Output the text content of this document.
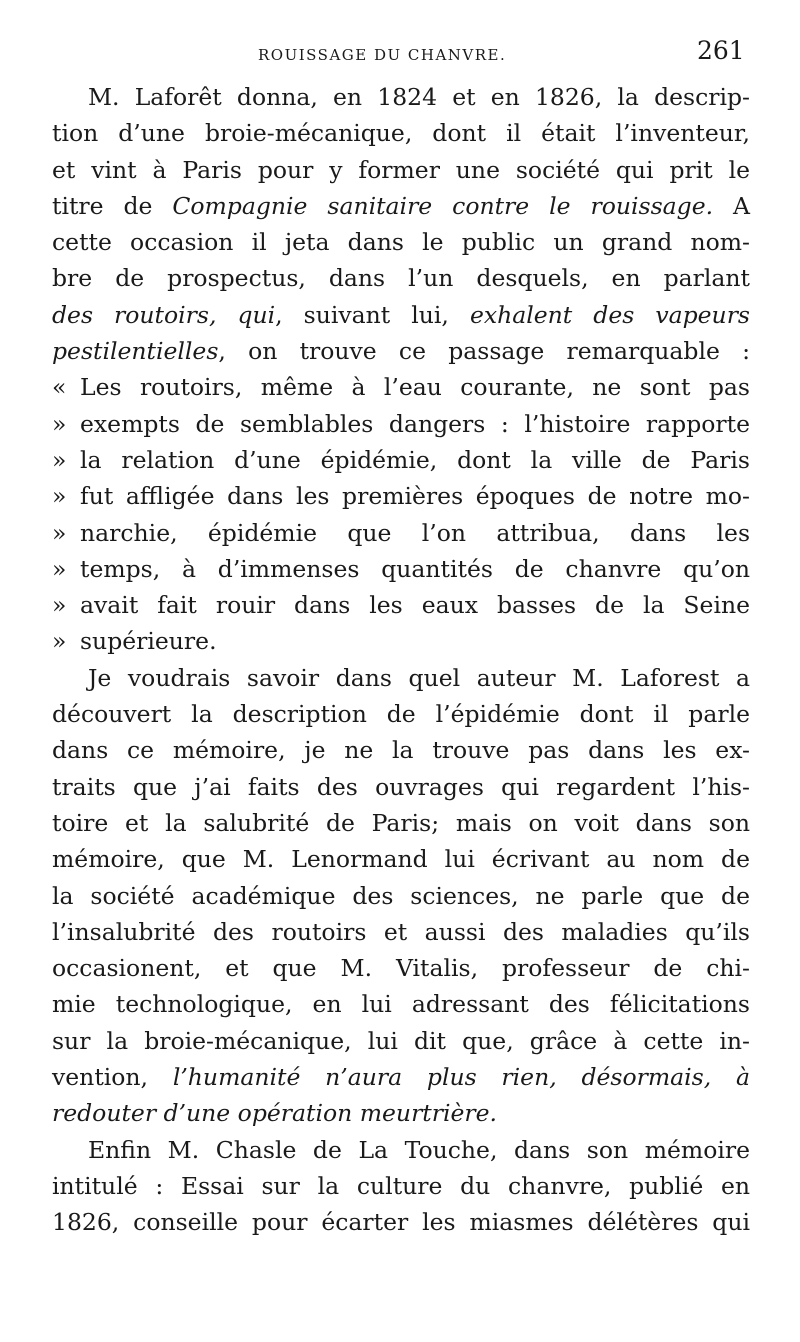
ROUISSAGE DU CHANVRE.	261
M. Laforêt donna, en 1824 et en 1826, la descrip-
tion d’une broie-mécanique, dont il était l’inventeur,
et vint à Paris pour y former une société qui prit le
titre de Compagnie sanitaire contre le rouissage. A
cette occasion il jeta dans le public un grand nom-
bre de prospectus, dans l’un desquels, en parlant
des routoirs, qui, suivant lui, exhalent des vapeurs
pestilentielles, on trouve ce passage remarquable :
« Les routoirs, même à l’eau courante, ne sont pas
» exempts de semblables dangers : l’histoire rapporte
» la relation d’une épidémie, dont la ville de Paris
» fut affligée dans les premières époques de notre mo-
» narchie, épidémie que l’on attribua, dans les
» temps, à d’immenses quantités de chanvre qu’on
» avait fait rouir dans les eaux basses de la Seine
» supérieure.
Je voudrais savoir dans quel auteur M. Laforest a
découvert la description de l’épidémie dont il parle
dans ce mémoire, je ne la trouve pas dans les ex-
traits que j’ai faits des ouvrages qui regardent l’his-
toire et la salubrité de Paris; mais on voit dans son
mémoire, que M. Lenormand lui écrivant au nom de
la société académique des sciences, ne parle que de
l’insalubrité des routoirs et aussi des maladies qu’ils
occasionent, et que M. Vitalis, professeur de chi-
mie technologique, en lui adressant des félicitations
sur la broie-mécanique, lui dit que, grâce à cette in-
vention, l’humanité n’aura plus rien, désormais, à
redouter d’une opération meurtrière.
Enfin M. Chasle de La Touche, dans son mémoire
intitulé : Essai sur la culture du chanvre, publié en
1826, conseille pour écarter les miasmes délétères qui
